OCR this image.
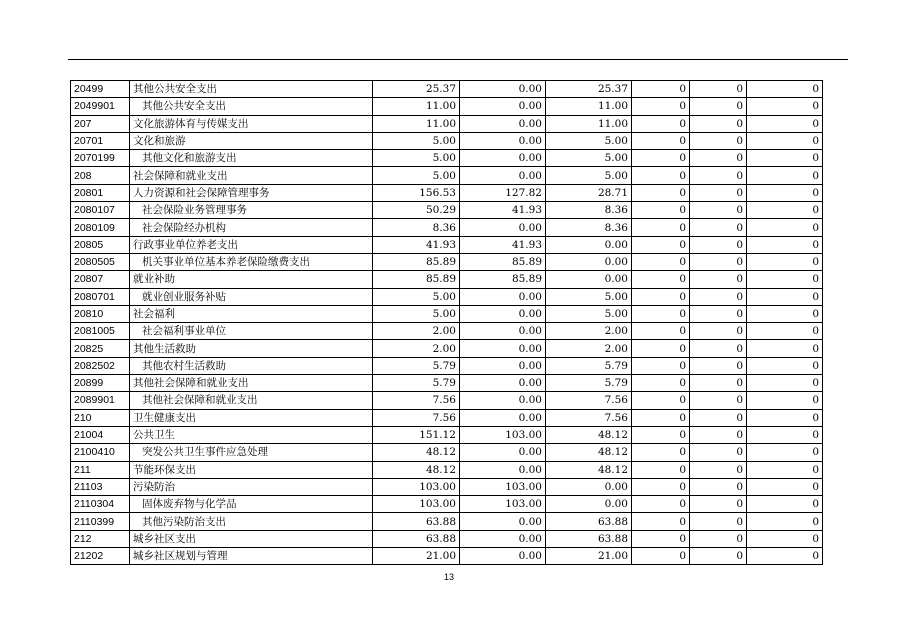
20499	其他公共安全支出	25.37	0.00	25.37	0	0	0
2049901	其他公共安全支出	11.00	0.00	11.00	0	0	0
207	文化旅游体育与传媒支出	11.00	0.00	11.00	0	0	0
20701	文化和旅游	5.00	0.00	5.00	0	0	0
2070199	其他文化和旅游支出	5.00	0.00	5.00	0	0	0
208	社会保障和就业支出	5.00	0.00	5.00	0	0	0
20801	人力资源和社会保障管理事务	156.53	127.82	28.71	0	0	0
2080107	社会保险业务管理事务	50.29	41.93	8.36	0	0	0
2080109	社会保险经办机构	8.36	0.00	8.36	0	0	0
20805	行政事业单位养老支出	41.93	41.93	0.00	0	0	0
2080505	机关事业单位基本养老保险缴费支出	85.89	85.89	0.00	0	0	0
20807	就业补助	85.89	85.89	0.00	0	0	0
2080701	就业创业服务补贴	5.00	0.00	5.00	0	0	0
20810	社会福利	5.00	0.00	5.00	0	0	0
2081005	社会福利事业单位	2.00	0.00	2.00	0	0	0
20825	其他生活救助	2.00	0.00	2.00	0	0	0
2082502	其他农村生活救助	5.79	0.00	5.79	0	0	0
20899	其他社会保障和就业支出	5.79	0.00	5.79	0	0	0
2089901	其他社会保障和就业支出	7.56	0.00	7.56	0	0	0
210	卫生健康支出	7.56	0.00	7.56	0	0	0
21004	公共卫生	151.12	103.00	48.12	0	0	0
2100410	突发公共卫生事件应急处理	48.12	0.00	48.12	0	0	0
211	节能环保支出	48.12	0.00	48.12	0	0	0
21103	污染防治	103.00	103.00	0.00	0	0	0
2110304	固体废弃物与化学品	103.00	103.00	0.00	0	0	0
2110399	其他污染防治支出	63.88	0.00	63.88	0	0	0
212	城乡社区支出	63.88	0.00	63.88	0	0	0
21202	城乡社区规划与管理	21.00	0.00	21.00	0	0	0
13
